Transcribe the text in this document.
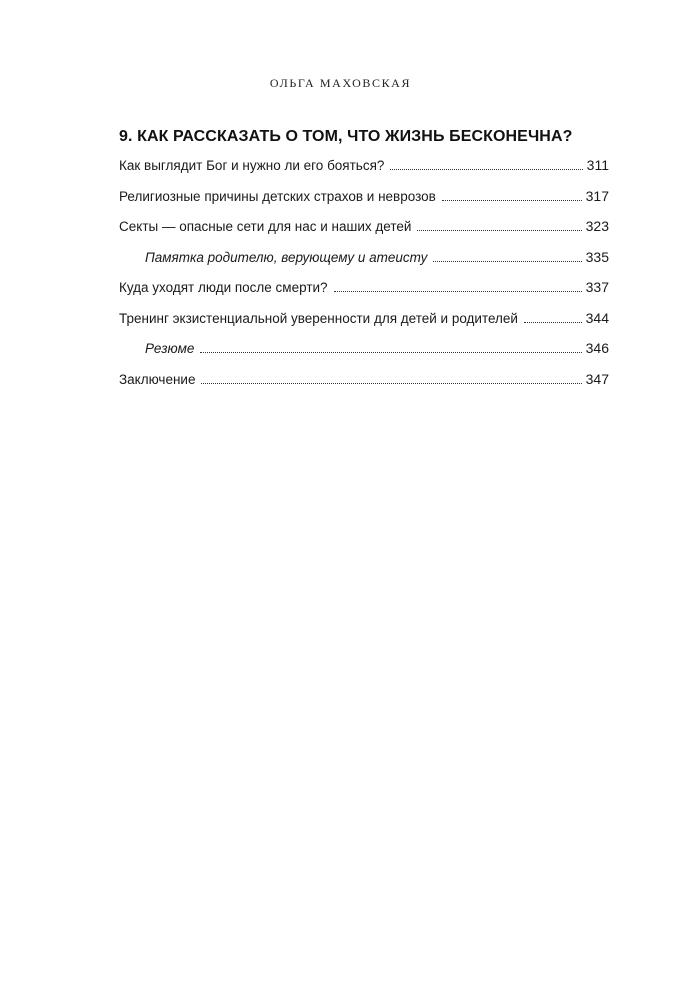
ОЛЬГА МАХОВСКАЯ
9. КАК РАССКАЗАТЬ О ТОМ, ЧТО ЖИЗНЬ БЕСКОНЕЧНА?
Как выглядит Бог и нужно ли его бояться?	311
Религиозные причины детских страхов и неврозов	317
Секты — опасные сети для нас и наших детей	323
Памятка родителю, верующему и атеисту	335
Куда уходят люди после смерти?	337
Тренинг экзистенциальной уверенности для детей и родителей	344
Резюме	346
Заключение	347
